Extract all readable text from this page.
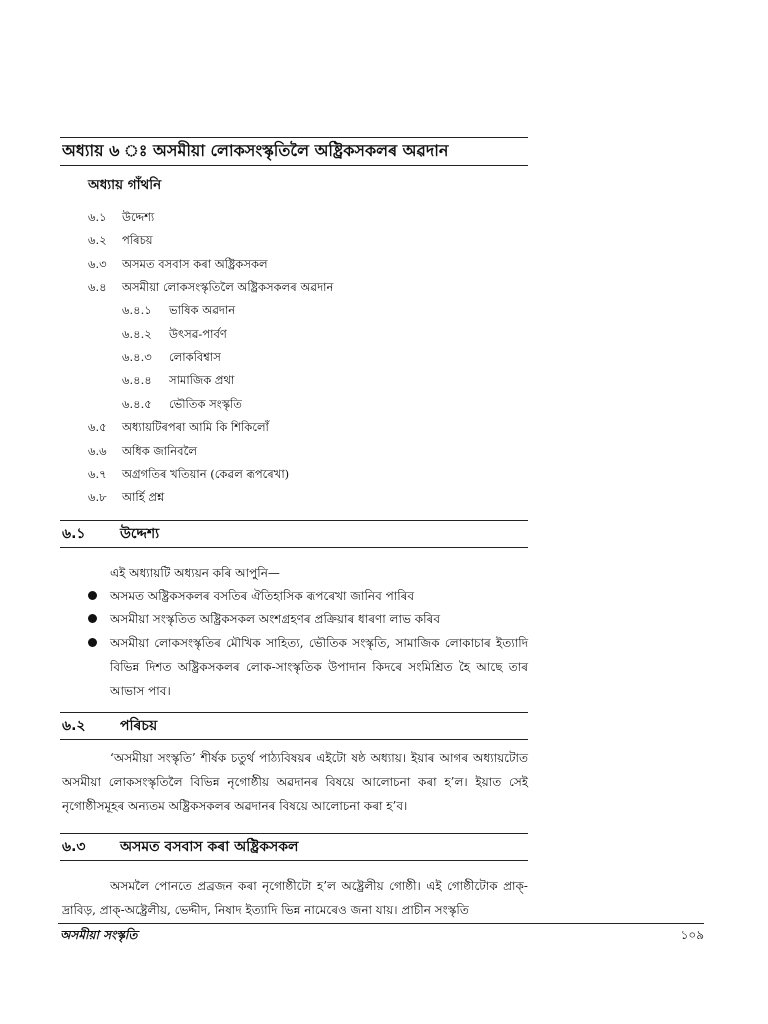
অধ্যায় ৬ ঃ অসমীয়া লোকসংস্কৃতিলৈ অষ্ট্ৰিকসকলৰ অৱদান
অধ্যায় গাঁথনি
৬.১ উদ্দেশ্য
৬.২ পৰিচয়
৬.৩ অসমত বসবাস কৰা অষ্ট্ৰিকসকল
৬.৪ অসমীয়া লোকসংস্কৃতিলৈ অষ্ট্ৰিকসকলৰ অৱদান
৬.৪.১ ভাষিক অৱদান
৬.৪.২ উৎসৱ-পাৰ্বণ
৬.৪.৩ লোকবিশ্বাস
৬.৪.৪ সামাজিক প্ৰথা
৬.৪.৫ ভৌতিক সংস্কৃতি
৬.৫ অধ্যায়টিৰপৰা আমি কি শিকিলোঁ
৬.৬ অধিক জানিবলৈ
৬.৭ অগ্ৰগতিৰ খতিয়ান (কেৱল ৰূপৰেখা)
৬.৮ আৰ্হি প্ৰশ্ন
৬.১ উদ্দেশ্য
এই অধ্যায়টি অধ্যয়ন কৰি আপুনি—
অসমত অষ্ট্ৰিকসকলৰ বসতিৰ ঐতিহাসিক ৰূপৰেখা জানিব পাৰিব
অসমীয়া সংস্কৃতিত অষ্ট্ৰিকসকল অংশগ্ৰহণৰ প্ৰক্ৰিয়াৰ ধাৰণা লাভ কৰিব
অসমীয়া লোকসংস্কৃতিৰ মৌখিক সাহিত্য, ভৌতিক সংস্কৃতি, সামাজিক লোকাচাৰ ইত্যাদি বিভিন্ন দিশত অষ্ট্ৰিকসকলৰ লোক-সাংস্কৃতিক উপাদান কিদৰে সংমিশ্ৰিত হৈ আছে তাৰ আভাস পাব।
৬.২ পৰিচয়
‘অসমীয়া সংস্কৃতি’ শীৰ্ষক চতুৰ্থ পাঠ্যবিষয়ৰ এইটো ষষ্ঠ অধ্যায়। ইয়াৰ আগৰ অধ্যায়টোত অসমীয়া লোকসংস্কৃতিলৈ বিভিন্ন নৃগোষ্ঠীয় অৱদানৰ বিষয়ে আলোচনা কৰা হ’ল। ইয়াত সেই নৃগোষ্ঠীসমূহৰ অন্যতম অষ্ট্ৰিকসকলৰ অৱদানৰ বিষয়ে আলোচনা কৰা হ’ব।
৬.৩ অসমত বসবাস কৰা অষ্ট্ৰিকসকল
অসমলৈ পোনতে প্ৰব্ৰজন কৰা নৃগোষ্ঠীটো হ’ল অষ্ট্ৰেলীয় গোষ্ঠী। এই গোষ্ঠীটোক প্ৰাক্-দ্ৰাবিড়, প্ৰাক্-অষ্ট্ৰেলীয়, ভেদ্দীদ, নিষাদ ইত্যাদি ভিন্ন নামেৰেও জনা যায়। প্ৰাচীন সংস্কৃতি
অসমীয়া সংস্কৃতি	১০৯
